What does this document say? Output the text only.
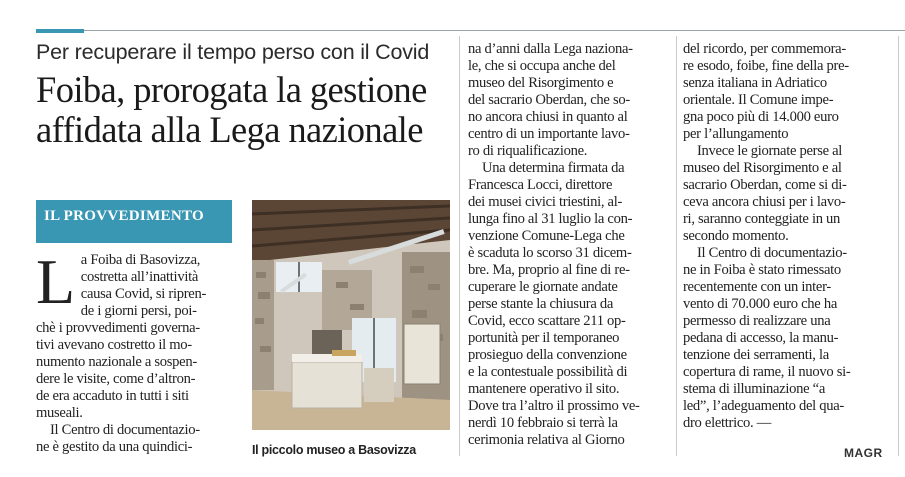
Per recuperare il tempo perso con il Covid
Foiba, prorogata la gestione
affidata alla Lega nazionale
IL PROVVEDIMENTO
L a Foiba di Basovizza,
costretta all’inattività
causa Covid, si ripren-
de i giorni persi, poi-
chè i provvedimenti governa-
tivi avevano costretto il mo-
numento nazionale a sospen-
dere le visite, come d’altron-
de era accaduto in tutti i siti
museali.
Il Centro di documentazio-
ne è gestito da una quindici-	Il piccolo museo a Basovizza
na d’anni dalla Lega naziona-
le, che si occupa anche del
museo del Risorgimento e
del sacrario Oberdan, che so-
no ancora chiusi in quanto al
centro di un importante lavo-
ro di riqualificazione.
Una determina firmata da
Francesca Locci, direttore
dei musei civici triestini, al-
lunga fino al 31 luglio la con-
venzione Comune-Lega che
è scaduta lo scorso 31 dicem-
bre. Ma, proprio al fine di re-
cuperare le giornate andate
perse stante la chiusura da
Covid, ecco scattare 211 op-
portunità per il temporaneo
prosieguo della convenzione
e la contestuale possibilità di
mantenere operativo il sito.
Dove tra l’altro il prossimo ve-
nerdì 10 febbraio si terrà la
cerimonia relativa al Giorno
del ricordo, per commemora-
re esodo, foibe, fine della pre-
senza italiana in Adriatico
orientale. Il Comune impe-
gna poco più di 14.000 euro
per l’allungamento
Invece le giornate perse al
museo del Risorgimento e al
sacrario Oberdan, come si di-
ceva ancora chiusi per i lavo-
ri, saranno conteggiate in un
secondo momento.
Il Centro di documentazio-
ne in Foiba è stato rimessato
recentemente con un inter-
vento di 70.000 euro che ha
permesso di realizzare una
pedana di accesso, la manu-
tenzione dei serramenti, la
copertura di rame, il nuovo si-
stema di illuminazione “a
led”, l’adeguamento del qua-
dro elettrico. —
MAGR
